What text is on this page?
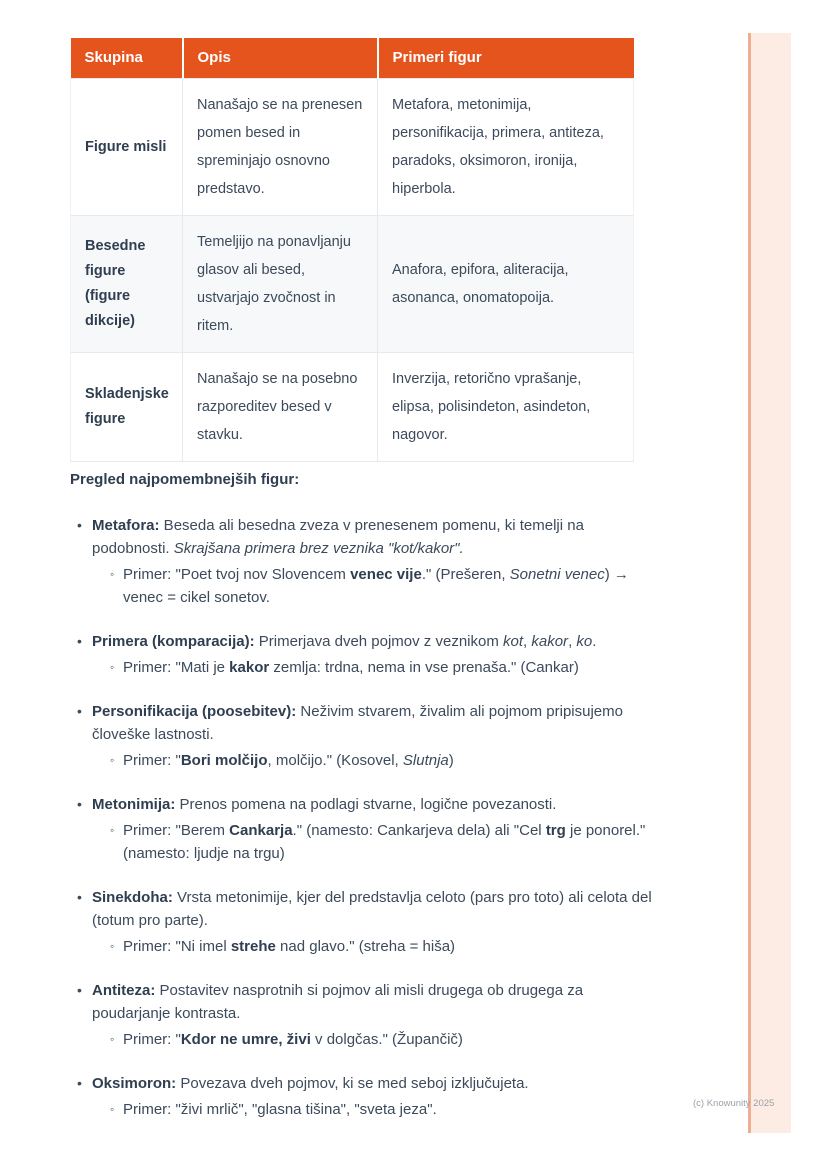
Skupina	Opis	Primeri figur
Figure misli	Nanašajo se na prenesen pomen besed in spreminjajo osnovno predstavo.	Metafora, metonimija, personifikacija, primera, antiteza, paradoks, oksimoron, ironija, hiperbola.
Besedne figure (figure dikcije)	Temeljijo na ponavljanju glasov ali besed, ustvarjajo zvočnost in ritem.	Anafora, epifora, aliteracija, asonanca, onomatopoija.
Skladenjske figure	Nanašajo se na posebno razporeditev besed v stavku.	Inverzija, retorično vprašanje, elipsa, polisindeton, asindeton, nagovor.
Pregled najpomembnejših figur:
• Metafora: Beseda ali besedna zveza v prenesenem pomenu, ki temelji na podobnosti. Skrajšana primera brez veznika "kot/kakor".
◦ Primer: "Poet tvoj nov Slovencem venec vije." (Prešeren, Sonetni venec) → venec = cikel sonetov.
• Primera (komparacija): Primerjava dveh pojmov z veznikom kot, kakor, ko.
◦ Primer: "Mati je kakor zemlja: trdna, nema in vse prenaša." (Cankar)
• Personifikacija (poosebitev): Neživim stvarem, živalim ali pojmom pripisujemo človeške lastnosti.
◦ Primer: "Bori molčijo, molčijo." (Kosovel, Slutnja)
• Metonimija: Prenos pomena na podlagi stvarne, logične povezanosti.
◦ Primer: "Berem Cankarja." (namesto: Cankarjeva dela) ali "Cel trg je ponorel." (namesto: ljudje na trgu)
• Sinekdoha: Vrsta metonimije, kjer del predstavlja celoto (pars pro toto) ali celota del (totum pro parte).
◦ Primer: "Ni imel strehe nad glavo." (streha = hiša)
• Antiteza: Postavitev nasprotnih si pojmov ali misli drugega ob drugega za poudarjanje kontrasta.
◦ Primer: "Kdor ne umre, živi v dolgčas." (Župančič)
• Oksimoron: Povezava dveh pojmov, ki se med seboj izključujeta.
◦ Primer: "živi mrlič", "glasna tišina", "sveta jeza".	(c) Knowunity 2025
